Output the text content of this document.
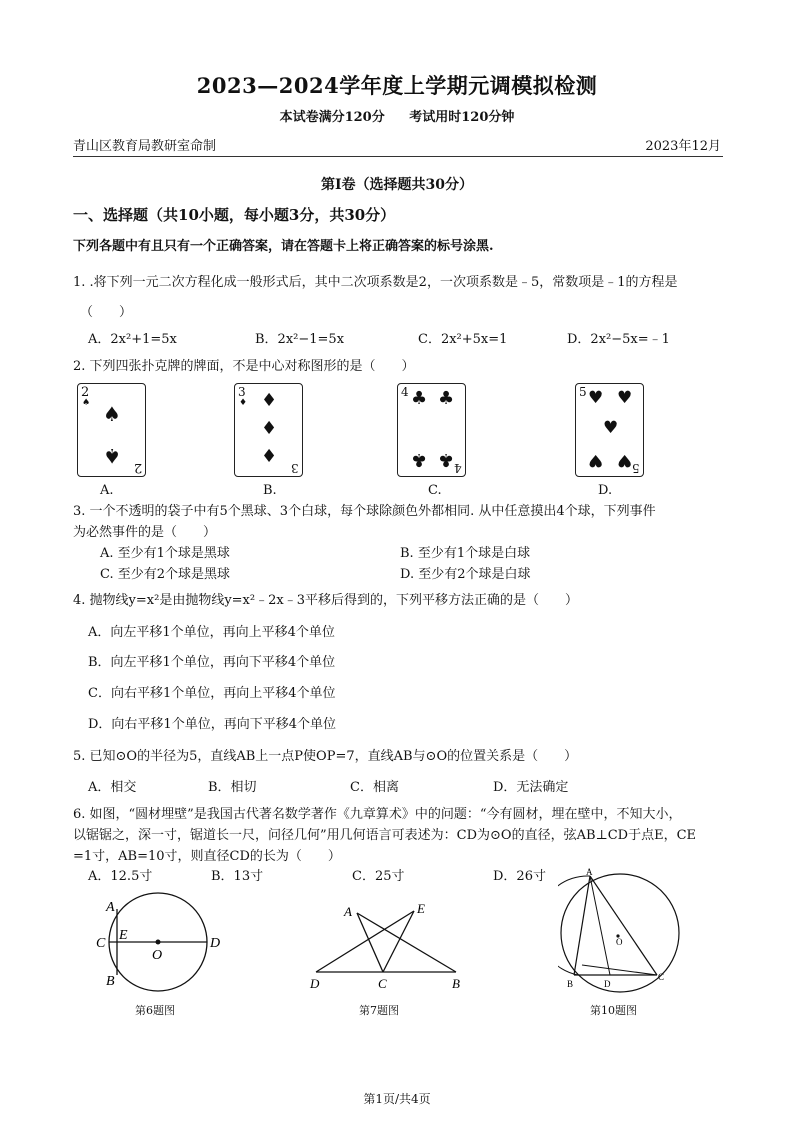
2023—2024学年度上学期元调模拟检测
本试卷满分120分 考试用时120分钟
青山区教育局教研室命制	2023年12月
第Ⅰ卷（选择题共30分）
一、选择题（共10小题，每小题3分，共30分）
下列各题中有且只有一个正确答案，请在答题卡上将正确答案的标号涂黑.
1. .将下列一元二次方程化成一般形式后，其中二次项系数是2，一次项系数是﹣5，常数项是﹣1的方程是
（　　）
A．2x²+1=5x	B．2x²−1=5x	C．2x²+5x=1	D．2x²−5x=﹣1
2. 下列四张扑克牌的牌面，不是中心对称图形的是（　　）
2
♠ ♠
♠ 2
3
♦ ♦
♦
♦
3
4 ♣ ♣
♣ ♣ 4
5 ♥ ♥
♥
♥ ♥ 5
A.	B.	C.	D.
3. 一个不透明的袋子中有5个黑球、3个白球，每个球除颜色外都相同. 从中任意摸出4个球，下列事件
为必然事件的是（　　）
A. 至少有1个球是黑球	B. 至少有1个球是白球
C. 至少有2个球是黑球	D. 至少有2个球是白球
4. 抛物线y=x²是由抛物线y=x²﹣2x﹣3平移后得到的，下列平移方法正确的是（　　）
A．向左平移1个单位，再向上平移4个单位
B．向左平移1个单位，再向下平移4个单位
C．向右平移1个单位，再向上平移4个单位
D．向右平移1个单位，再向下平移4个单位
5. 已知⊙O的半径为5，直线AB上一点P使OP=7，直线AB与⊙O的位置关系是（　　）
A．相交	B．相切	C．相离	D．无法确定
6. 如图，“圆材埋壁”是我国古代著名数学著作《九章算术》中的问题：“今有圆材，埋在壁中，不知大小，
以锯锯之，深一寸，锯道长一尺，问径几何”用几何语言可表述为：CD为⊙O的直径，弦AB⊥CD于点E，CE
=1寸，AB=10寸，则直径CD的长为（　　）
A．12.5寸	B．13寸	C．25寸	D．26寸
A
B
C	D
E
O
第6题图
A	E
D	C	B
第7题图
A
B	D
C
O
第10题图
第1页/共4页
